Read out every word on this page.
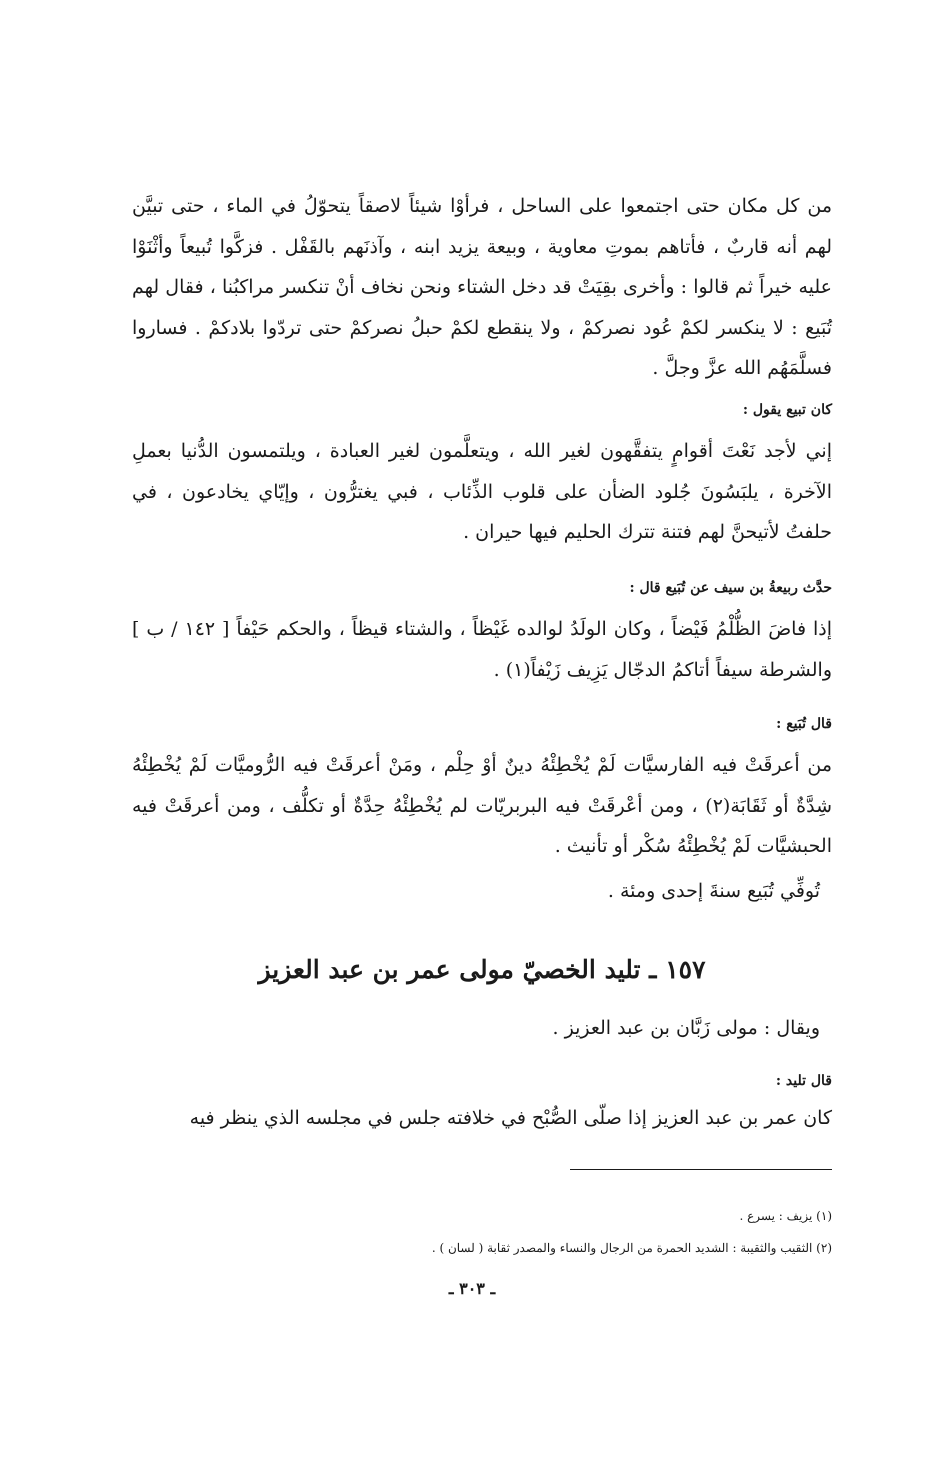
من كل مكان حتى اجتمعوا على الساحل ، فرأوْا شيئاً لاصقاً يتحوّلُ في الماء ، حتى تبيَّن لهم أنه قاربٌ ، فأتاهم بموتِ معاوية ، وبيعة يزيد ابنه ، وآذنَهم بالقَفْل . فزكَّوا تُبيعاً وأثْنَوْا عليه خيراً ثم قالوا : وأخرى بقِيَتْ قد دخل الشتاء ونحن نخاف أنْ تنكسر مراكبُنا ، فقال لهم تُبَيع : لا ينكسر لكمْ عُود نصركمْ ، ولا ينقطع لكمْ حبلُ نصركمْ حتى تردّوا بلادكمْ . فساروا فسلَّمَهُم الله عزَّ وجلَّ .

كان تبيع يقول :

إني لأجد نَعْتَ أقوامٍ يتفقَّهون لغير الله ، ويتعلَّمون لغير العبادة ، ويلتمسون الدُّنيا بعملِ الآخرة ، يلبَسُونَ جُلود الضأن على قلوب الذِّئاب ، فبي يغترُّون ، وإيّاي يخادعون ، في حلفتُ لأتيحنَّ لهم فتنة تترك الحليم فيها حيران .

حدَّث ربيعةُ بن سيف عن تُبَيع قال :

إذا فاضَ الظُّلْمُ فَيْضاً ، وكان الولَدُ لوالده غَيْظاً ، والشتاء قيظاً ، والحكم حَيْفاً [ ١٤٢ / ب ] والشرطة سيفاً أتاكمُ الدجّال يَزِيف زَيْفاً(١) .

قال تُبَيع :

من أعرقَتْ فيه الفارسيَّات لَمْ يُخْطِئْهُ دينٌ أوْ حِلْم ، ومَنْ أعرقَتْ فيه الرُّوميَّات لَمْ يُخْطِئْهُ شِدَّةٌ أو ثَقَابَة(٢) ، ومن أعْرقَتْ فيه البربريّات لم يُخْطِئْهُ حِدَّةٌ أو تكلُّف ، ومن أعرقَتْ فيه الحبشيَّات لَمْ يُخْطِئْهُ سُكْر أو تأنيث .

تُوفِّي تُبَيع سنةَ إحدى ومئة .

١٥٧ ـ تليد الخصيّ مولى عمر بن عبد العزيز

ويقال : مولى زَبَّان بن عبد العزيز .

قال تليد :

كان عمر بن عبد العزيز إذا صلّى الصُّبْح في خلافته جلس في مجلسه الذي ينظر فيه

(١) يزيف : يسرع .

(٢) الثقيب والثقيبة : الشديد الحمرة من الرجال والنساء والمصدر ثقابة ( لسان ) .

ـ ٣٠٣ ـ
